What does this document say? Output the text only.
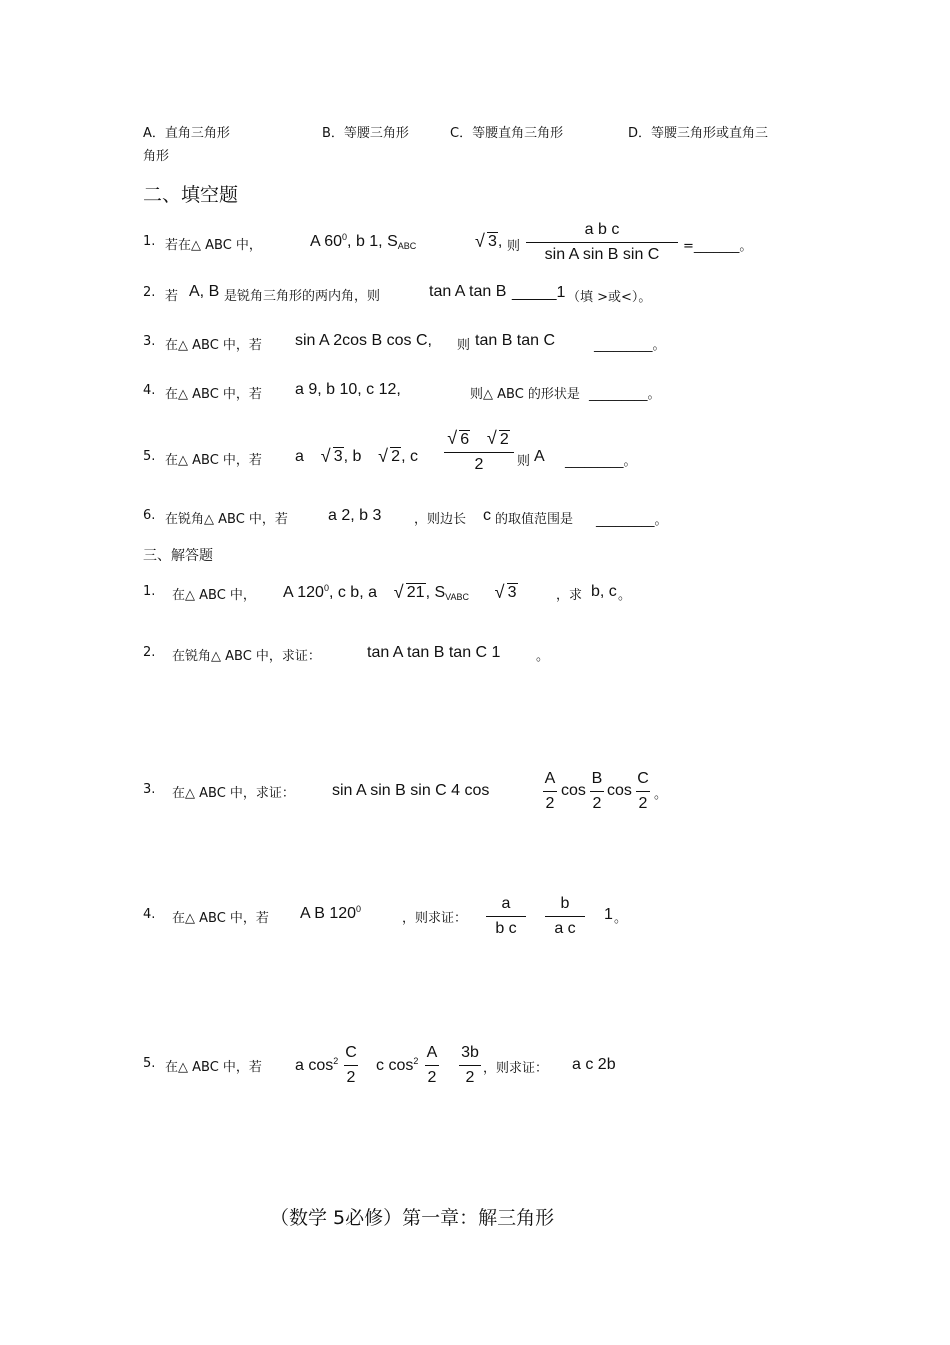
A．直角三角形	B．等腰三角形	C．等腰直角三角形	D．等腰三角形或直角三
角形
二、填空题
1. 若在△ ABC 中，	A $60^0$, b 1, $S_{ABC}$	√ 3, 则
a b c
sin A sin B sin C	=_______。
2. 若 A, B 是锐角三角形的两内角，则	tan A tan B _____1 （填 >或<）。
3. 在△ ABC 中，若 sin A 2cos B cos C, 则 tan B tan C	_________。
4. 在△ ABC 中，若 a 9, b 10, c 12,	则△ ABC 的形状是 _________。
5. 在△ ABC 中，若 a √ 3, b √ 2, c
√ 6 √ 2
2	则 A _________。
6. 在锐角△ ABC 中，若	a 2, b 3	，则边长 c 的取值范围是 _________。
三、解答题
1. 在△ ABC 中， A $120^0$, c b, a √ 21, $S_{VABC}$ √ 3	，求 b, c 。
2. 在锐角△ ABC 中，求证：	tan A tan B tan C 1	。
3. 在△ ABC 中，求证： sin A sin B sin C 4 cos
A
2
cos
B
2
cos
C
2
。
4. 在△ ABC 中，若 A B $120^0$
，则求证：
a
b c
b
a c
1 。
5. 在△ ABC 中，若 a $\cos^2 C$
2
c $\cos^2 A$
2
3b
2
，则求证： a c 2b
（数学 5必修）第一章：解三角形
